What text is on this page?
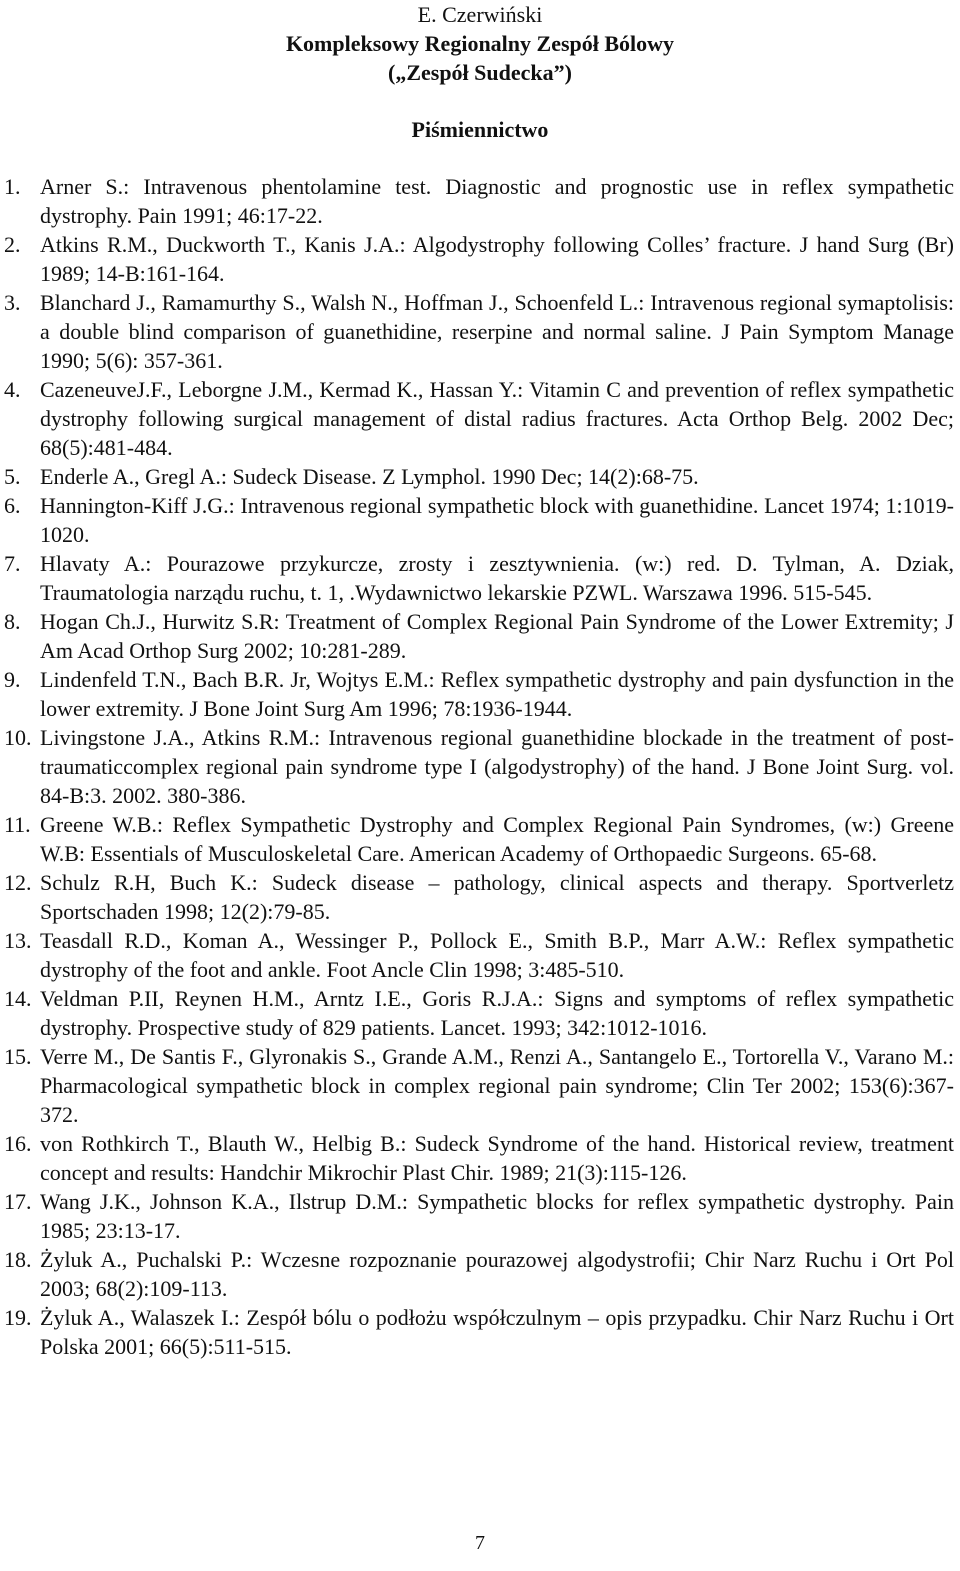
E. Czerwiński
Kompleksowy Regionalny Zespół Bólowy
(„Zespół Sudecka”)
Piśmiennictwo
1. Arner S.: Intravenous phentolamine test. Diagnostic and prognostic use in reflex sympathetic dystrophy. Pain 1991; 46:17-22.
2. Atkins R.M., Duckworth T., Kanis J.A.: Algodystrophy following Colles’ fracture. J hand Surg (Br) 1989; 14-B:161-164.
3. Blanchard J., Ramamurthy S., Walsh N., Hoffman J., Schoenfeld L.: Intravenous regional symaptolisis: a double blind comparison of guanethidine, reserpine and normal saline. J Pain Symptom Manage 1990; 5(6): 357-361.
4. CazeneuveJ.F., Leborgne J.M., Kermad K., Hassan Y.: Vitamin C and prevention of reflex sympathetic dystrophy following surgical management of distal radius fractures. Acta Orthop Belg. 2002 Dec; 68(5):481-484.
5. Enderle A., Gregl A.: Sudeck Disease. Z Lymphol. 1990 Dec; 14(2):68-75.
6. Hannington-Kiff J.G.: Intravenous regional sympathetic block with guanethidine. Lancet 1974; 1:1019-1020.
7. Hlavaty A.: Pourazowe przykurcze, zrosty i zesztywnienia. (w:) red. D. Tylman, A. Dziak, Traumatologia narządu ruchu, t. 1, .Wydawnictwo lekarskie PZWL. Warszawa 1996. 515-545.
8. Hogan Ch.J., Hurwitz S.R: Treatment of Complex Regional Pain Syndrome of the Lower Extremity; J Am Acad Orthop Surg 2002; 10:281-289.
9. Lindenfeld T.N., Bach B.R. Jr, Wojtys E.M.: Reflex sympathetic dystrophy and pain dysfunction in the lower extremity. J Bone Joint Surg Am 1996; 78:1936-1944.
10. Livingstone J.A., Atkins R.M.: Intravenous regional guanethidine blockade in the treatment of post-traumaticcomplex regional pain syndrome type I (algodystrophy) of the hand. J Bone Joint Surg. vol. 84-B:3. 2002. 380-386.
11. Greene W.B.: Reflex Sympathetic Dystrophy and Complex Regional Pain Syndromes, (w:) Greene W.B: Essentials of Musculoskeletal Care. American Academy of Orthopaedic Surgeons. 65-68.
12. Schulz R.H, Buch K.: Sudeck disease – pathology, clinical aspects and therapy. Sportverletz Sportschaden 1998; 12(2):79-85.
13. Teasdall R.D., Koman A., Wessinger P., Pollock E., Smith B.P., Marr A.W.: Reflex sympathetic dystrophy of the foot and ankle. Foot Ancle Clin 1998; 3:485-510.
14. Veldman P.II, Reynen H.M., Arntz I.E., Goris R.J.A.: Signs and symptoms of reflex sympathetic dystrophy. Prospective study of 829 patients. Lancet. 1993; 342:1012-1016.
15. Verre M., De Santis F., Glyronakis S., Grande A.M., Renzi A., Santangelo E., Tortorella V., Varano M.: Pharmacological sympathetic block in complex regional pain syndrome; Clin Ter 2002; 153(6):367-372.
16. von Rothkirch T., Blauth W., Helbig B.: Sudeck Syndrome of the hand. Historical review, treatment concept and results: Handchir Mikrochir Plast Chir. 1989; 21(3):115-126.
17. Wang J.K., Johnson K.A., Ilstrup D.M.: Sympathetic blocks for reflex sympathetic dystrophy. Pain 1985; 23:13-17.
18. Żyluk A., Puchalski P.: Wczesne rozpoznanie pourazowej algodystrofii; Chir Narz Ruchu i Ort Pol 2003; 68(2):109-113.
19. Żyluk A., Walaszek I.: Zespół bólu o podłożu współczulnym – opis przypadku. Chir Narz Ruchu i Ort Polska 2001; 66(5):511-515.
7
